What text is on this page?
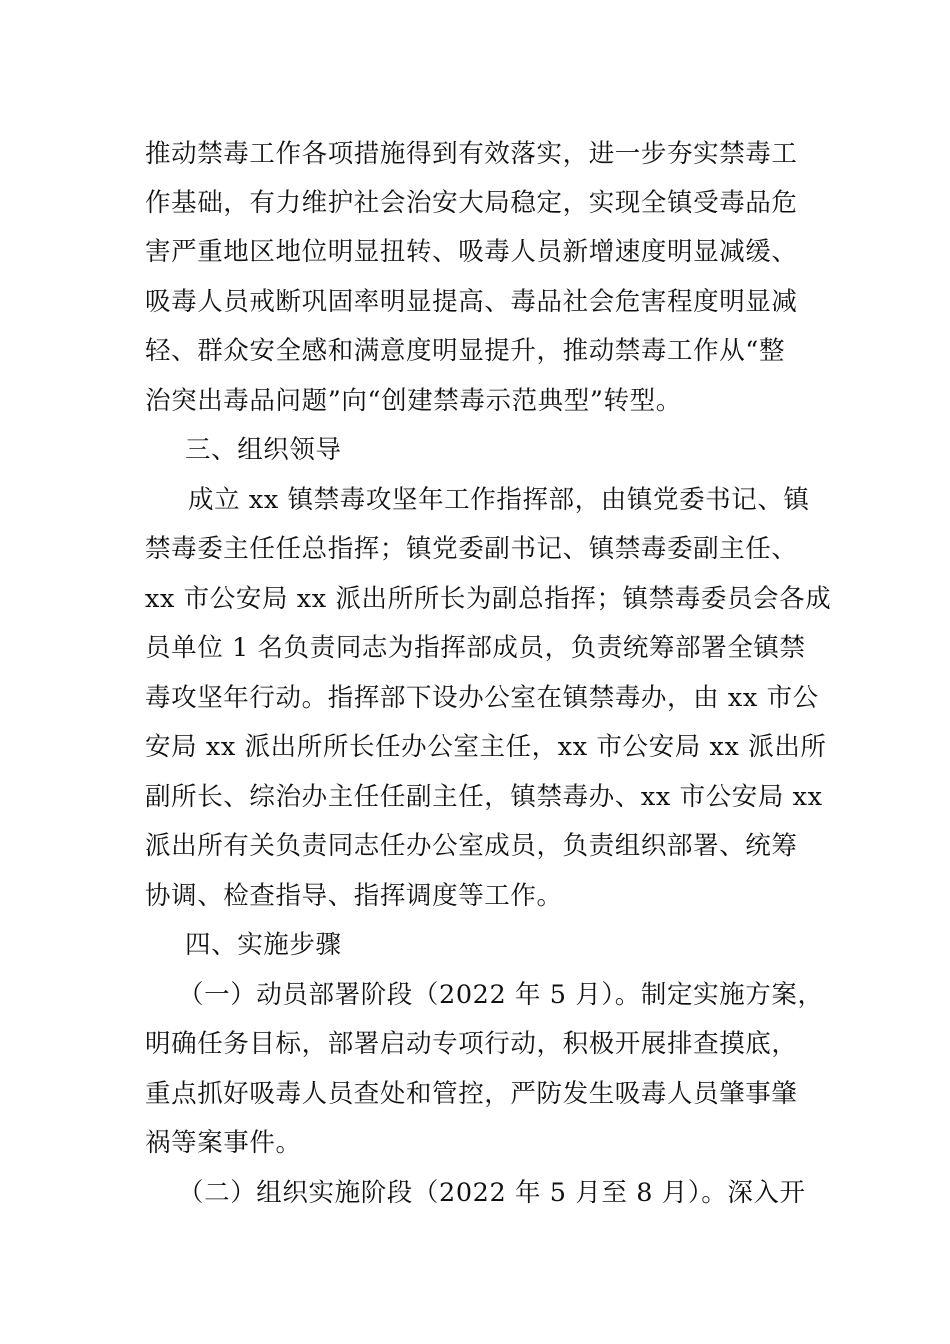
推动禁毒工作各项措施得到有效落实，进一步夯实禁毒工
作基础，有力维护社会治安大局稳定，实现全镇受毒品危
害严重地区地位明显扭转、吸毒人员新增速度明显减缓、
吸毒人员戒断巩固率明显提高、毒品社会危害程度明显减
轻、群众安全感和满意度明显提升，推动禁毒工作从“整
治突出毒品问题”向“创建禁毒示范典型”转型。
三、组织领导
成立 xx 镇禁毒攻坚年工作指挥部，由镇党委书记、镇
禁毒委主任任总指挥；镇党委副书记、镇禁毒委副主任、
xx 市公安局 xx 派出所所长为副总指挥；镇禁毒委员会各成
员单位 1 名负责同志为指挥部成员，负责统筹部署全镇禁
毒攻坚年行动。指挥部下设办公室在镇禁毒办，由 xx 市公
安局 xx 派出所所长任办公室主任，xx 市公安局 xx 派出所
副所长、综治办主任任副主任，镇禁毒办、xx 市公安局 xx
派出所有关负责同志任办公室成员，负责组织部署、统筹
协调、检查指导、指挥调度等工作。
四、实施步骤
（一）动员部署阶段（2022 年 5 月）。制定实施方案，
明确任务目标，部署启动专项行动，积极开展排查摸底，
重点抓好吸毒人员查处和管控，严防发生吸毒人员肇事肇
祸等案事件。
（二）组织实施阶段（2022 年 5 月至 8 月）。深入开
